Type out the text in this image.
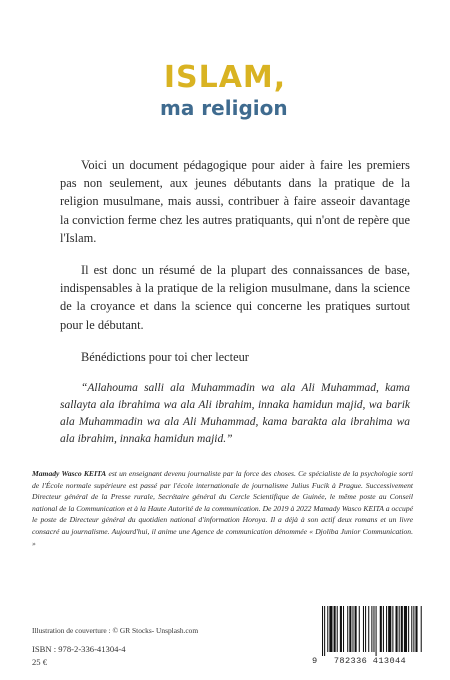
ISLAM,
ma religion

Voici un document pédagogique pour aider à faire les premiers pas non seulement, aux jeunes débutants dans la pratique de la religion musulmane, mais aussi, contribuer à faire asseoir davantage la conviction ferme chez les autres pratiquants, qui n'ont de repère que l'Islam.

Il est donc un résumé de la plupart des connaissances de base, indispensables à la pratique de la religion musulmane, dans la science de la croyance et dans la science qui concerne les pratiques surtout pour le débutant.

Bénédictions pour toi cher lecteur

“Allahouma salli ala Muhammadin wa ala Ali Muhammad, kama sallayta ala ibrahima wa ala Ali ibrahim, innaka hamidun majid, wa barik ala Muhammadin wa ala Ali Muhammad, kama barakta ala ibrahima wa ala ibrahim, innaka hamidun majid.”

Mamady Wasco KEITA est un enseignant devenu journaliste par la force des choses. Ce spécialiste de la psychologie sorti de l'École normale supérieure est passé par l'école internationale de journalisme Julius Fucik à Prague. Successivement Directeur général de la Presse rurale, Secrétaire général du Cercle Scientifique de Guinée, le même poste au Conseil national de la Communication et à la Haute Autorité de la communication. De 2019 à 2022 Mamady Wasco KEITA a occupé le poste de Directeur général du quotidien national d'information Horoya. Il a déjà à son actif deux romans et un livre consacré au journalisme. Aujourd'hui, il anime une Agence de communication dénommée « Djoliba Junior Communication. »
Illustration de couverture : © GR Stocks- Unsplash.com
ISBN : 978-2-336-41304-4
25 €	9 782336 413044
